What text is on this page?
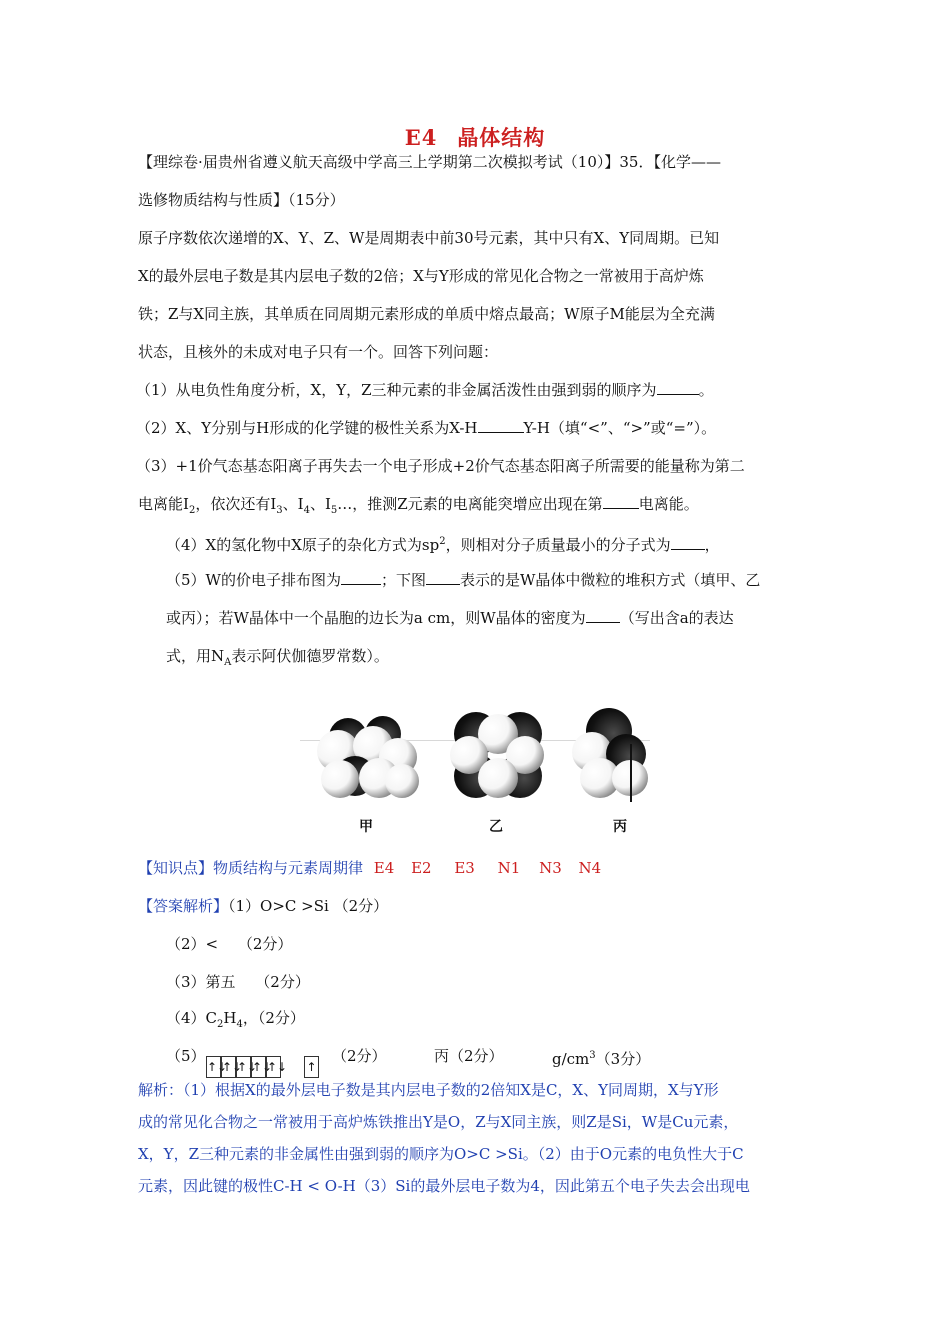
E4 晶体结构
【理综卷·届贵州省遵义航天高级中学高三上学期第二次模拟考试（10）】35．【化学——
选修物质结构与性质】（15分）
原子序数依次递增的X、Y、Z、W是周期表中前30号元素，其中只有X、Y同周期。已知
X的最外层电子数是其内层电子数的2倍；X与Y形成的常见化合物之一常被用于高炉炼
铁；Z与X同主族，其单质在同周期元素形成的单质中熔点最高；W原子M能层为全充满
状态，且核外的未成对电子只有一个。回答下列问题：
（1）从电负性角度分析，X，Y，Z三种元素的非金属活泼性由强到弱的顺序为	。
（2）X、Y分别与H形成的化学键的极性关系为X-H	Y-H（填“<”、“>”或“=”）。
（3）+1价气态基态阳离子再失去一个电子形成+2价气态基态阳离子所需要的能量称为第二
电离能$I_2$，依次还有$I_3$、$I_4$、$I_5\dots$，推测Z元素的电离能突增应出现在第 电离能。
（4）X的氢化物中X原子的杂化方式为$sp^2$，则相对分子质量最小的分子式为 ，
（5）W的价电子排布图为	；下图 表示的是W晶体中微粒的堆积方式（填甲、乙
或丙）；若W晶体中一个晶胞的边长为a cm，则W晶体的密度为 （写出含a的表达
式，用$N_A$表示阿伏伽德罗常数）。
甲	乙	丙
【知识点】物质结构与元素周期律 E4 E2 E3 N1 N3 N4
【答案解析】（1）O>C >Si （2分）
（2）<　 （2分）
（3）第五　 （2分）
$(4)C_2H_4$，（2分）
（5）
↑↓
↑↓
↑↓
↑↓
↑↓ ↑
（2分）	丙（2分）	$g/cm^3(3$分）
解析：（1）根据X的最外层电子数是其内层电子数的2倍知X是C，X、Y同周期，X与Y形
成的常见化合物之一常被用于高炉炼铁推出Y是O，Z与X同主族，则Z是Si，W是Cu元素，
X，Y，Z三种元素的非金属性由强到弱的顺序为O>C >Si。（2）由于O元素的电负性大于C
元素，因此键的极性C-H < O-H（3）Si的最外层电子数为4，因此第五个电子失去会出现电
